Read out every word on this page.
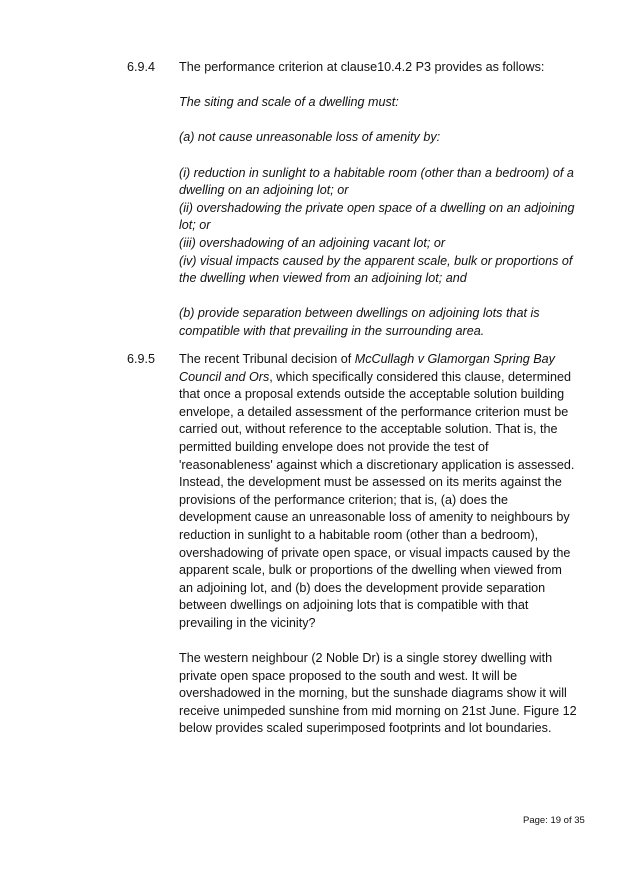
6.9.4 The performance criterion at clause10.4.2 P3 provides as follows:

The siting and scale of a dwelling must:

(a) not cause unreasonable loss of amenity by:

(i) reduction in sunlight to a habitable room (other than a bedroom) of a dwelling on an adjoining lot; or

(ii) overshadowing the private open space of a dwelling on an adjoining lot; or

(iii) overshadowing of an adjoining vacant lot; or

(iv) visual impacts caused by the apparent scale, bulk or proportions of the dwelling when viewed from an adjoining lot; and

(b) provide separation between dwellings on adjoining lots that is compatible with that prevailing in the surrounding area.

6.9.5 The recent Tribunal decision of McCullagh v Glamorgan Spring Bay Council and Ors, which specifically considered this clause, determined that once a proposal extends outside the acceptable solution building envelope, a detailed assessment of the performance criterion must be carried out, without reference to the acceptable solution. That is, the permitted building envelope does not provide the test of 'reasonableness' against which a discretionary application is assessed. Instead, the development must be assessed on its merits against the provisions of the performance criterion; that is, (a) does the development cause an unreasonable loss of amenity to neighbours by reduction in sunlight to a habitable room (other than a bedroom), overshadowing of private open space, or visual impacts caused by the apparent scale, bulk or proportions of the dwelling when viewed from an adjoining lot, and (b) does the development provide separation between dwellings on adjoining lots that is compatible with that prevailing in the vicinity?

The western neighbour (2 Noble Dr) is a single storey dwelling with private open space proposed to the south and west. It will be overshadowed in the morning, but the sunshade diagrams show it will receive unimpeded sunshine from mid morning on 21st June. Figure 12 below provides scaled superimposed footprints and lot boundaries.

Page: 19 of 35
